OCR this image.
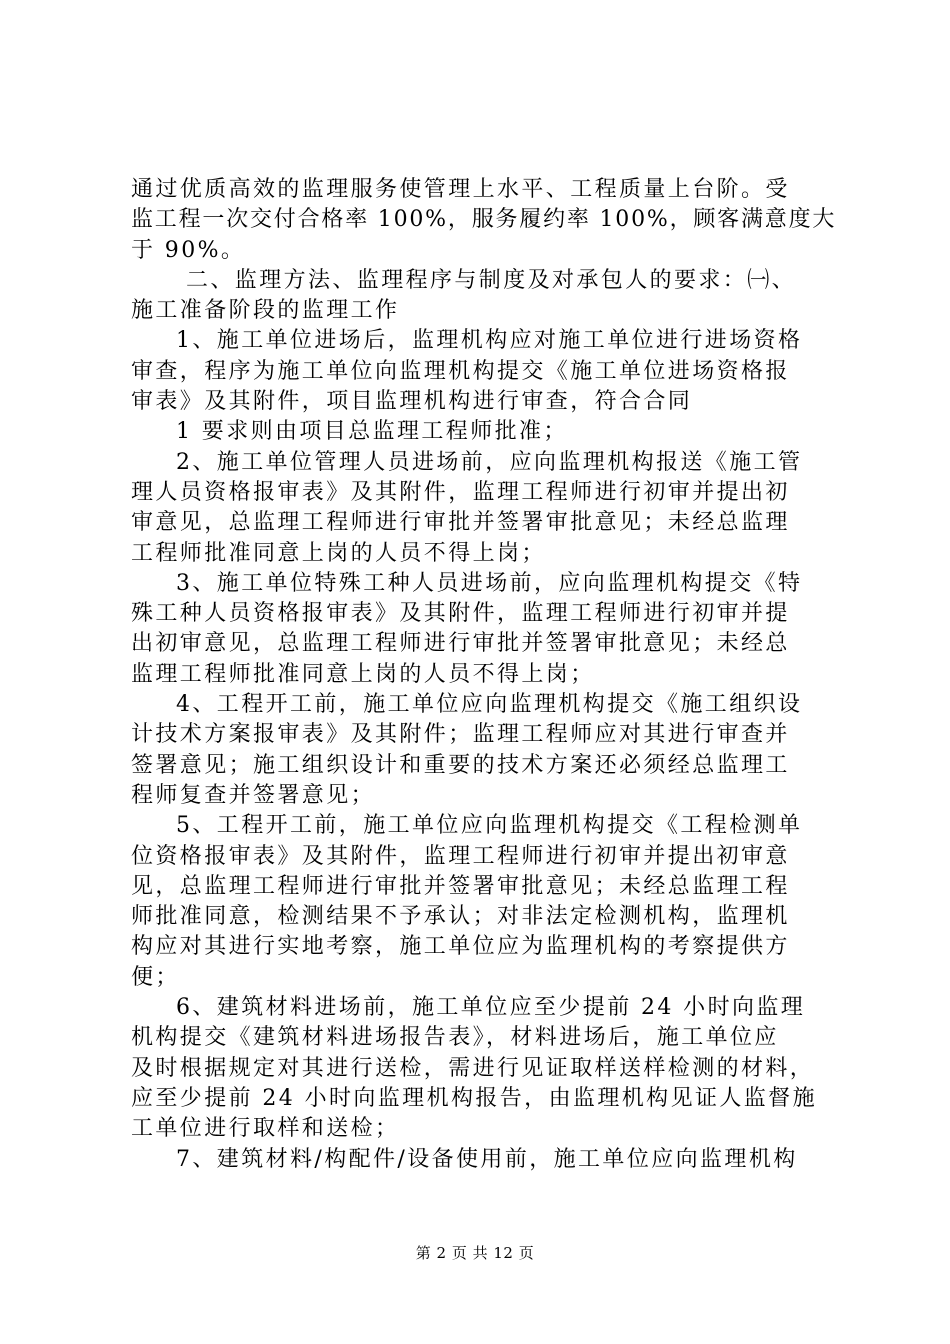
通过优质高效的监理服务使管理上水平、工程质量上台阶。受
监工程一次交付合格率 100%，服务履约率 100%，顾客满意度大
于 90%。
二、监理方法、监理程序与制度及对承包人的要求：㈠、
施工准备阶段的监理工作
1、施工单位进场后，监理机构应对施工单位进行进场资格
审查，程序为施工单位向监理机构提交《施工单位进场资格报
审表》及其附件，项目监理机构进行审查，符合合同
1 要求则由项目总监理工程师批准；
2、施工单位管理人员进场前，应向监理机构报送《施工管
理人员资格报审表》及其附件，监理工程师进行初审并提出初
审意见，总监理工程师进行审批并签署审批意见；未经总监理
工程师批准同意上岗的人员不得上岗；
3、施工单位特殊工种人员进场前，应向监理机构提交《特
殊工种人员资格报审表》及其附件，监理工程师进行初审并提
出初审意见，总监理工程师进行审批并签署审批意见；未经总
监理工程师批准同意上岗的人员不得上岗；
4、工程开工前，施工单位应向监理机构提交《施工组织设
计技术方案报审表》及其附件；监理工程师应对其进行审查并
签署意见；施工组织设计和重要的技术方案还必须经总监理工
程师复查并签署意见；
5、工程开工前，施工单位应向监理机构提交《工程检测单
位资格报审表》及其附件，监理工程师进行初审并提出初审意
见，总监理工程师进行审批并签署审批意见；未经总监理工程
师批准同意，检测结果不予承认；对非法定检测机构，监理机
构应对其进行实地考察，施工单位应为监理机构的考察提供方
便；
6、建筑材料进场前，施工单位应至少提前 24 小时向监理
机构提交《建筑材料进场报告表》，材料进场后，施工单位应
及时根据规定对其进行送检，需进行见证取样送样检测的材料，
应至少提前 24 小时向监理机构报告，由监理机构见证人监督施
工单位进行取样和送检；
7、建筑材料/构配件/设备使用前，施工单位应向监理机构
第 2 页 共 12 页
